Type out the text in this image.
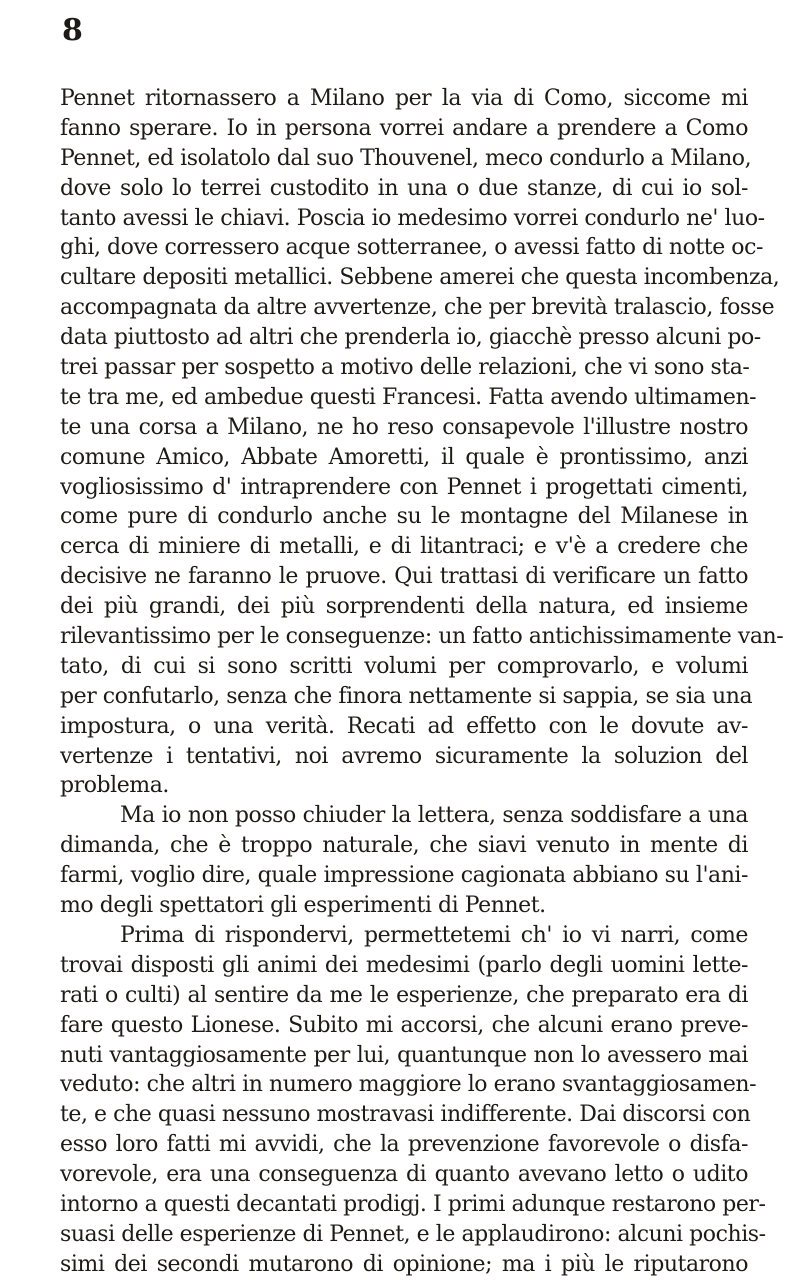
8
Pennet ritornassero a Milano per la via di Como, siccome mi
fanno sperare. Io in persona vorrei andare a prendere a Como
Pennet, ed isolatolo dal suo Thouvenel, meco condurlo a Milano,
dove solo lo terrei custodito in una o due stanze, di cui io sol-
tanto avessi le chiavi. Poscia io medesimo vorrei condurlo ne' luo-
ghi, dove corressero acque sotterranee, o avessi fatto di notte oc-
cultare depositi metallici. Sebbene amerei che questa incombenza,
accompagnata da altre avvertenze, che per brevità tralascio, fosse
data piuttosto ad altri che prenderla io, giacchè presso alcuni po-
trei passar per sospetto a motivo delle relazioni, che vi sono sta-
te tra me, ed ambedue questi Francesi. Fatta avendo ultimamen-
te una corsa a Milano, ne ho reso consapevole l'illustre nostro
comune Amico, Abbate Amoretti, il quale è prontissimo, anzi
vogliosissimo d' intraprendere con Pennet i progettati cimenti,
come pure di condurlo anche su le montagne del Milanese in
cerca di miniere di metalli, e di litantraci; e v'è a credere che
decisive ne faranno le pruove. Qui trattasi di verificare un fatto
dei più grandi, dei più sorprendenti della natura, ed insieme
rilevantissimo per le conseguenze: un fatto antichissimamente van-
tato, di cui si sono scritti volumi per comprovarlo, e volumi
per confutarlo, senza che finora nettamente si sappia, se sia una
impostura, o una verità. Recati ad effetto con le dovute av-
vertenze i tentativi, noi avremo sicuramente la soluzion del
problema.
Ma io non posso chiuder la lettera, senza soddisfare a una
dimanda, che è troppo naturale, che siavi venuto in mente di
farmi, voglio dire, quale impressione cagionata abbiano su l'ani-
mo degli spettatori gli esperimenti di Pennet.
Prima di rispondervi, permettetemi ch' io vi narri, come
trovai disposti gli animi dei medesimi (parlo degli uomini lette-
rati o culti) al sentire da me le esperienze, che preparato era di
fare questo Lionese. Subito mi accorsi, che alcuni erano preve-
nuti vantaggiosamente per lui, quantunque non lo avessero mai
veduto: che altri in numero maggiore lo erano svantaggiosamen-
te, e che quasi nessuno mostravasi indifferente. Dai discorsi con
esso loro fatti mi avvidi, che la prevenzione favorevole o disfa-
vorevole, era una conseguenza di quanto avevano letto o udito
intorno a questi decantati prodigj. I primi adunque restarono per-
suasi delle esperienze di Pennet, e le applaudirono: alcuni pochis-
simi dei secondi mutarono di opinione; ma i più le riputarono
